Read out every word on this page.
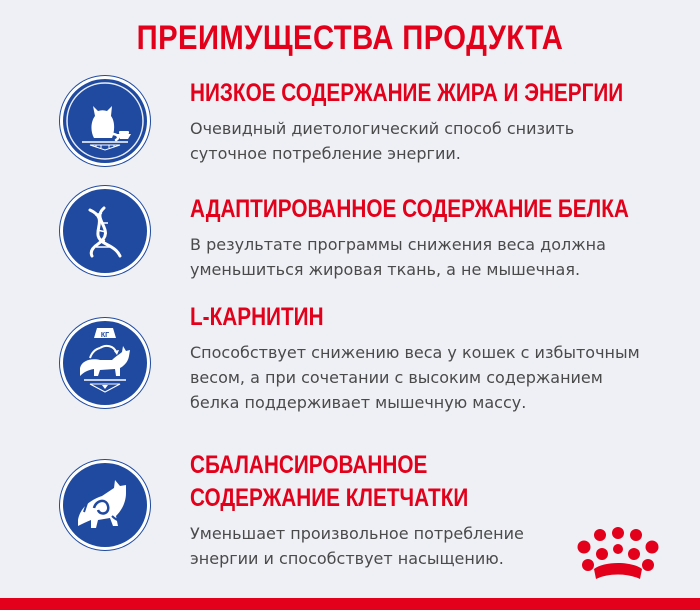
ПРЕИМУЩЕСТВА ПРОДУКТА
НИЗКОЕ СОДЕРЖАНИЕ ЖИРА И ЭНЕРГИИ

Очевидный диетологический способ снизить

суточное потребление энергии.

АДАПТИРОВАННОЕ СОДЕРЖАНИЕ БЕЛКА

В результате программы снижения веса должна

уменьшиться жировая ткань, а не мышечная.

КГ
L-КАРНИТИН

Способствует снижению веса у кошек с избыточным

весом, а при сочетании с высоким содержанием

белка поддерживает мышечную массу.

СБАЛАНСИРОВАННОЕ
СОДЕРЖАНИЕ КЛЕТЧАТКИ

Уменьшает произвольное потребление

энергии и способствует насыщению.
